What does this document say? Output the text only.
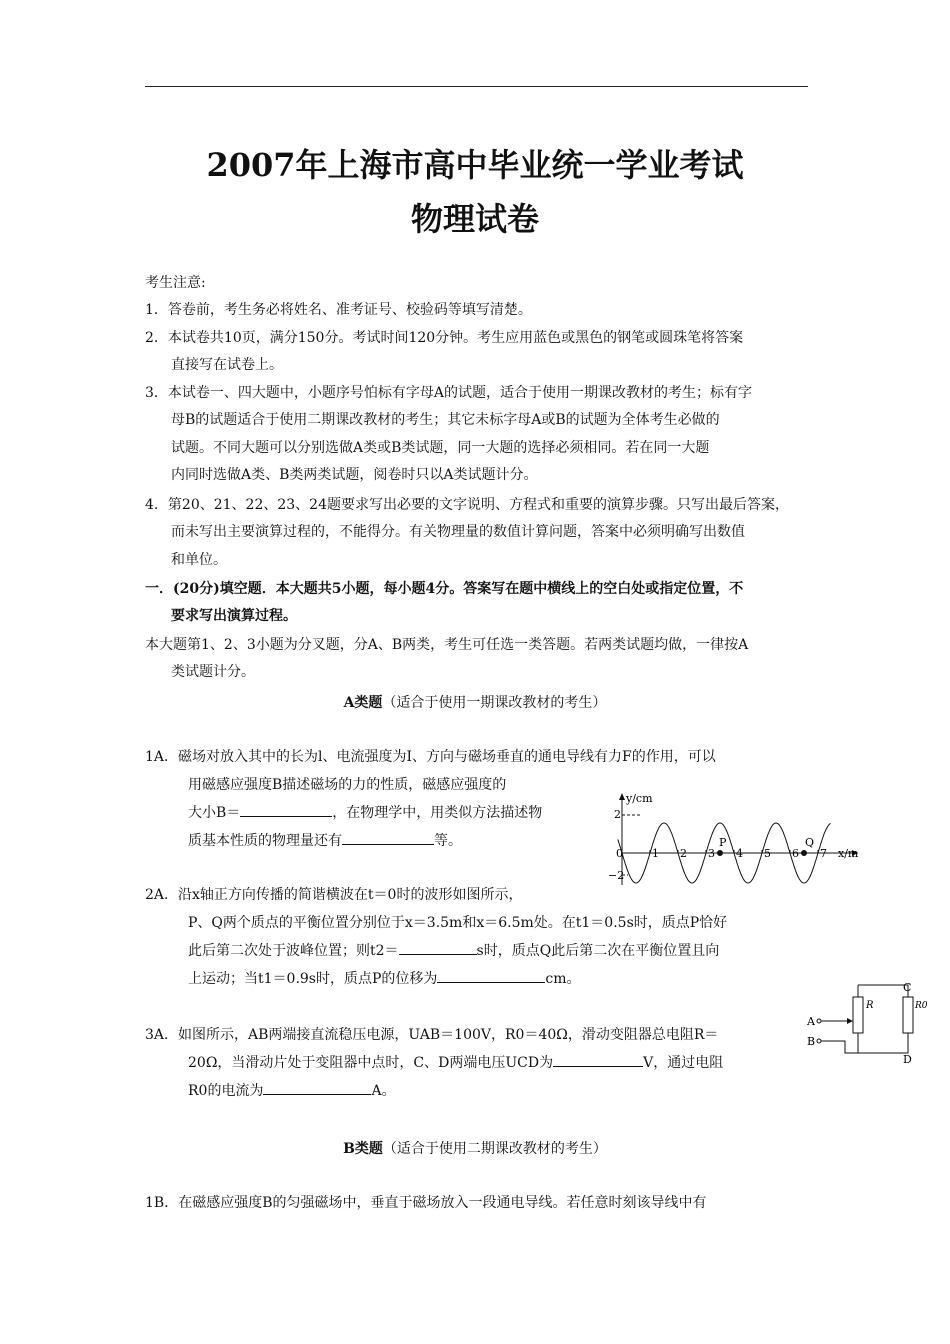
2007年上海市高中毕业统一学业考试
物理试卷
考生注意:
1．答卷前，考生务必将姓名、准考证号、校验码等填写清楚。
2．本试卷共10页，满分150分。考试时间120分钟。考生应用蓝色或黑色的钢笔或圆珠笔将答案
直接写在试卷上。
3．本试卷一、四大题中，小题序号怕标有字母A的试题，适合于使用一期课改教材的考生；标有字
母B的试题适合于使用二期课改教材的考生；其它未标字母A或B的试题为全体考生必做的
试题。不同大题可以分别选做A类或B类试题，同一大题的选择必须相同。若在同一大题
内同时选做A类、B类两类试题，阅卷时只以A类试题计分。
4．第20、21、22、23、24题要求写出必要的文字说明、方程式和重要的演算步骤。只写出最后答案，
而未写出主要演算过程的，不能得分。有关物理量的数值计算问题，答案中必须明确写出数值
和单位。
一．(20分)填空题．本大题共5小题，每小题4分。答案写在题中横线上的空白处或指定位置，不
要求写出演算过程。
本大题第1、2、3小题为分叉题，分A、B两类，考生可任选一类答题。若两类试题均做，一律按A
类试题计分。
A类题（适合于使用一期课改教材的考生）
1A．磁场对放入其中的长为l、电流强度为I、方向与磁场垂直的通电导线有力F的作用，可以
用磁感应强度B描述磁场的力的性质，磁感应强度的
大小B＝	，在物理学中，用类似方法描述物
质基本性质的物理量还有	等。
y/cm
x/m
2
−2
0	1 2 3 4 5 6 7
P	Q
2A．沿x轴正方向传播的简谐横波在t＝0时的波形如图所示，
P、Q两个质点的平衡位置分别位于x＝3.5m和x＝6.5m处。在t1＝0.5s时，质点P恰好
此后第二次处于波峰位置；则t2＝	s时，质点Q此后第二次在平衡位置且向
上运动；当t1＝0.9s时，质点P的位移为	cm。
C
D
A
B
R	R0
3A．如图所示，AB两端接直流稳压电源，UAB＝100V，R0＝40Ω，滑动变阻器总电阻R＝
20Ω，当滑动片处于变阻器中点时，C、D两端电压UCD为	V，通过电阻
R0的电流为	A。
B类题（适合于使用二期课改教材的考生）
1B．在磁感应强度B的匀强磁场中，垂直于磁场放入一段通电导线。若任意时刻该导线中有
